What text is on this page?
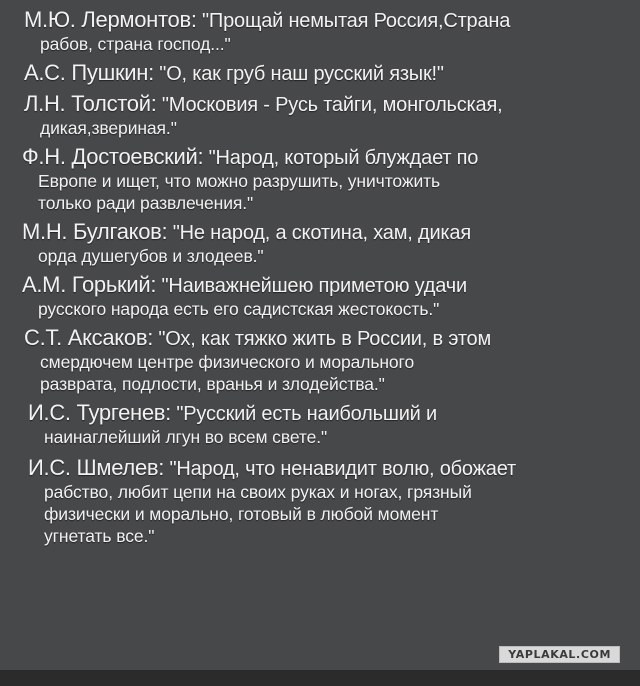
М.Ю. Лермонтов: "Прощай немытая Россия,Страна
рабов, страна господ..."
А.С. Пушкин: "О, как груб наш русский язык!"
Л.Н. Толстой: "Московия - Русь тайги, монгольская,
дикая,звериная."
Ф.Н. Достоевский: "Народ, который блуждает по
Европе и ищет, что можно разрушить, уничтожить
только ради развлечения."
М.Н. Булгаков: "Не народ, а скотина, хам, дикая
орда душегубов и злодеев."
А.М. Горький: "Наиважнейшею приметою удачи
русского народа есть его садистская жестокость."
С.Т. Аксаков: "Ох, как тяжко жить в России, в этом
смердючем центре физического и морального
разврата, подлости, вранья и злодейства."
И.С. Тургенев: "Русский есть наибольший и
наинаглейший лгун во всем свете."
И.С. Шмелев: "Народ, что ненавидит волю, обожает
рабство, любит цепи на своих руках и ногах, грязный
физически и морально, готовый в любой момент
угнетать все."
YAPLAKAL.COM
